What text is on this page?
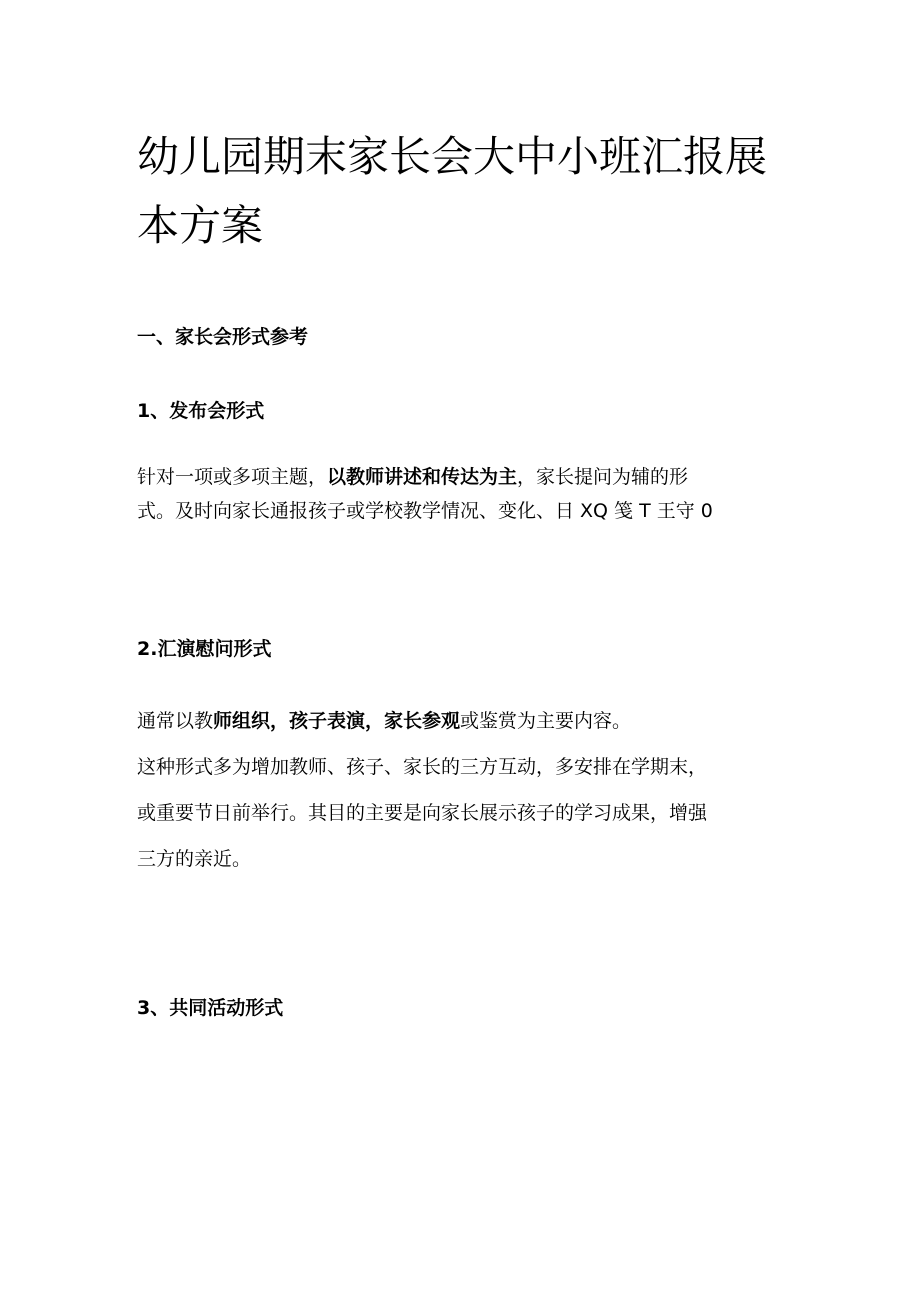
幼儿园期末家长会大中小班汇报展
本方案
一、家长会形式参考
1、发布会形式
针对一项或多项主题，以教师讲述和传达为主，家长提问为辅的形
式。及时向家长通报孩子或学校教学情况、变化、日 XQ 笺 T 王守 0
2.汇演慰问形式
通常以教师组织，孩子表演，家长参观或鉴赏为主要内容。
这种形式多为增加教师、孩子、家长的三方互动，多安排在学期末，
或重要节日前举行。其目的主要是向家长展示孩子的学习成果，增强
三方的亲近。
3、共同活动形式
